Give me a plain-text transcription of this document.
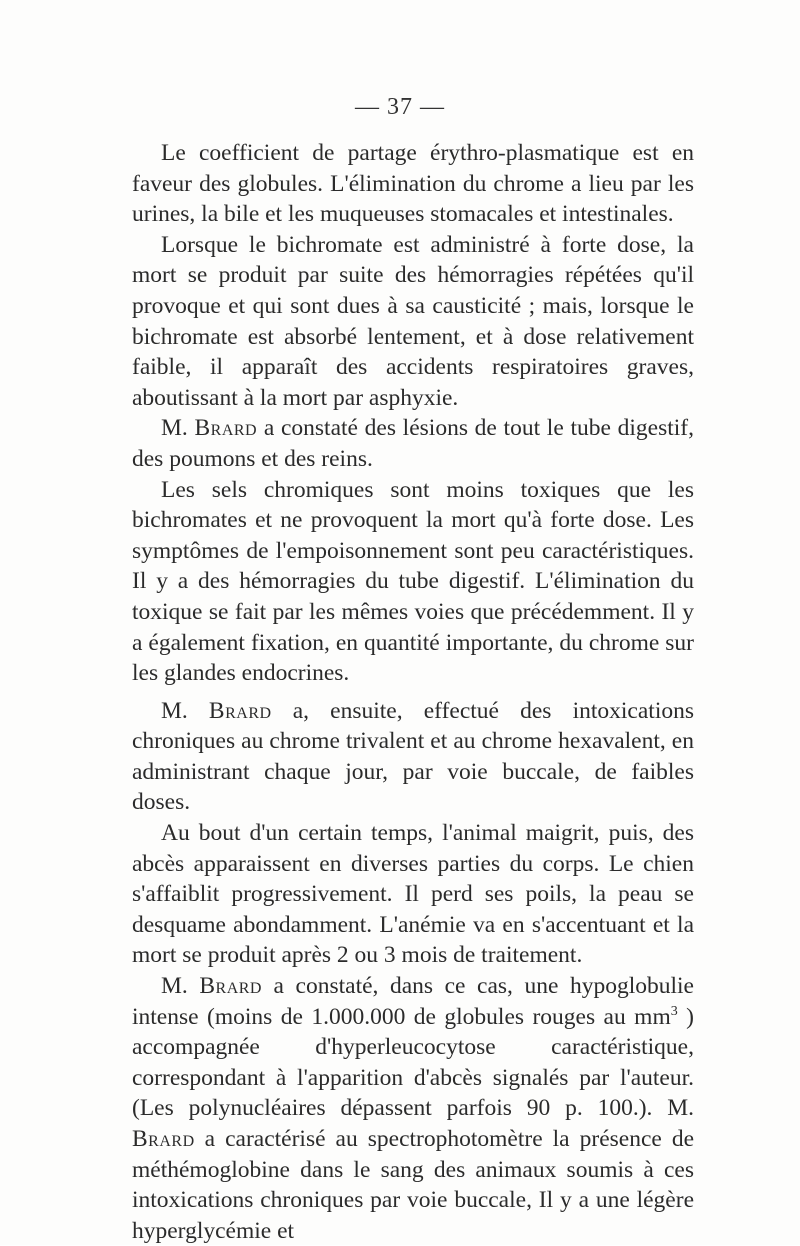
— 37 —

Le coefficient de partage érythro-plasmatique est en faveur des globules. L'élimination du chrome a lieu par les urines, la bile et les muqueuses stomacales et intestinales.

Lorsque le bichromate est administré à forte dose, la mort se produit par suite des hémorragies répétées qu'il provoque et qui sont dues à sa causticité ; mais, lorsque le bichromate est absorbé lentement, et à dose relativement faible, il apparaît des accidents respiratoires graves, aboutissant à la mort par asphyxie.

M. Brard a constaté des lésions de tout le tube digestif, des poumons et des reins.

Les sels chromiques sont moins toxiques que les bichromates et ne provoquent la mort qu'à forte dose. Les symptômes de l'empoisonnement sont peu caractéristiques. Il y a des hémorragies du tube digestif. L'élimination du toxique se fait par les mêmes voies que précédemment. Il y a également fixation, en quantité importante, du chrome sur les glandes endocrines.

M. Brard a, ensuite, effectué des intoxications chroniques au chrome trivalent et au chrome hexavalent, en administrant chaque jour, par voie buccale, de faibles doses.

Au bout d'un certain temps, l'animal maigrit, puis, des abcès apparaissent en diverses parties du corps. Le chien s'affaiblit progressivement. Il perd ses poils, la peau se desquame abondamment. L'anémie va en s'accentuant et la mort se produit après 2 ou 3 mois de traitement.

M. Brard a constaté, dans ce cas, une hypoglobulie intense (moins de 1.000.000 de globules rouges au $mm^3$ ) accompagnée d'hyperleucocytose caractéristique, correspondant à l'apparition d'abcès signalés par l'auteur. (Les polynucléaires dépassent parfois 90 p. 100.). M. Brard a caractérisé au spectrophotomètre la présence de méthémoglobine dans le sang des animaux soumis à ces intoxications chroniques par voie buccale, Il y a une légère hyperglycémie et
